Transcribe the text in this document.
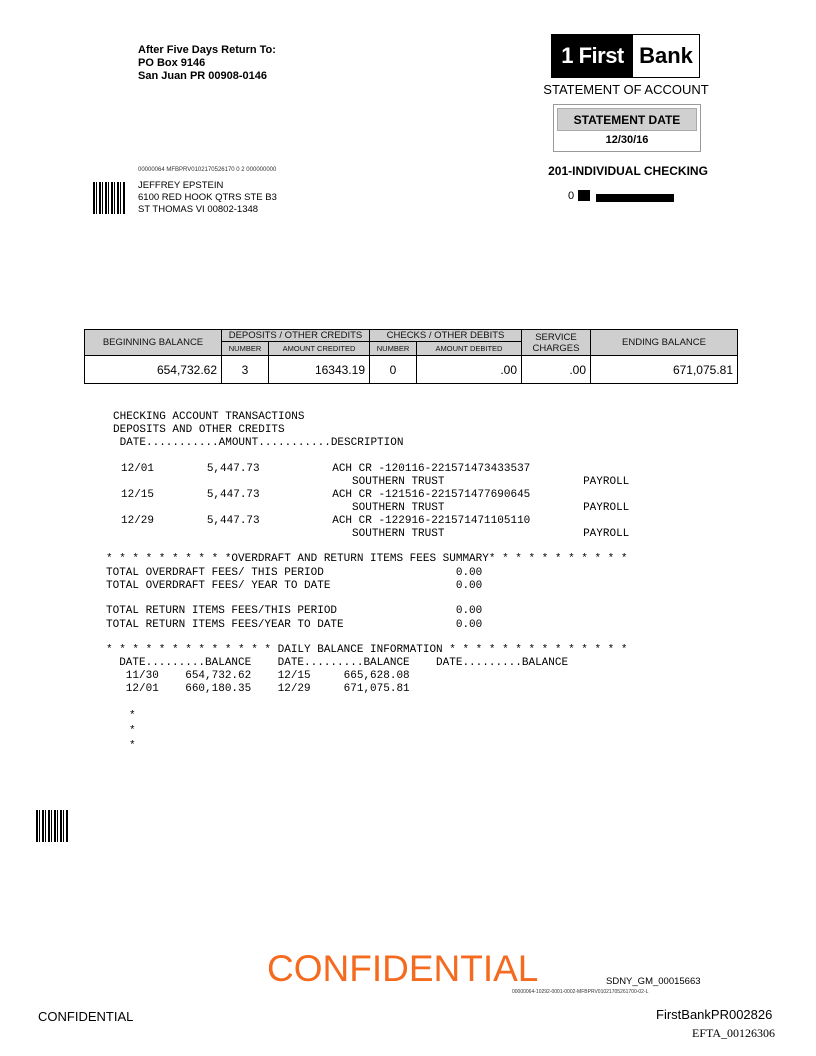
After Five Days Return To:
PO Box 9146
San Juan PR 00908-0146
1 First Bank
STATEMENT OF ACCOUNT
STATEMENT DATE
12/30/16
201-INDIVIDUAL CHECKING
0
00000064 MFBPRV0102170526170 0 2 000000000
JEFFREY EPSTEIN
6100 RED HOOK QTRS STE B3
ST THOMAS VI 00802-1348
BEGINNING BALANCE	DEPOSITS / OTHER CREDITS		CHECKS / OTHER DEBITS		SERVICE CHARGES	ENDING BALANCE
	NUMBER	AMOUNT CREDITED	NUMBER	AMOUNT DEBITED		
654,732.62	3	16343.19	0	.00	.00	671,075.81
CHECKING ACCOUNT TRANSACTIONS
DEPOSITS AND OTHER CREDITS
DATE...........AMOUNT...........DESCRIPTION
12/01        5,447.73           ACH CR -120116-221571473433537
SOUTHERN TRUST                     PAYROLL
12/15        5,447.73           ACH CR -121516-221571477690645
SOUTHERN TRUST                     PAYROLL
12/29        5,447.73           ACH CR -122916-221571471105110
SOUTHERN TRUST                     PAYROLL
* * * * * * * * * *OVERDRAFT AND RETURN ITEMS FEES SUMMARY* * * * * * * * * * *
TOTAL OVERDRAFT FEES/ THIS PERIOD                    0.00
TOTAL OVERDRAFT FEES/ YEAR TO DATE                   0.00
TOTAL RETURN ITEMS FEES/THIS PERIOD                  0.00
TOTAL RETURN ITEMS FEES/YEAR TO DATE                 0.00
* * * * * * * * * * * * * DAILY BALANCE INFORMATION * * * * * * * * * * * * * *
DATE.........BALANCE    DATE.........BALANCE    DATE.........BALANCE
11/30    654,732.62    12/15     665,628.08
12/01    660,180.35    12/29     671,075.81
*
*
*
CONFIDENTIAL	SDNY_GM_00015663
00000064-10292-0001-0002-MFBPRV01021705261700-02-L
CONFIDENTIAL	FirstBankPR002826
EFTA_00126306
